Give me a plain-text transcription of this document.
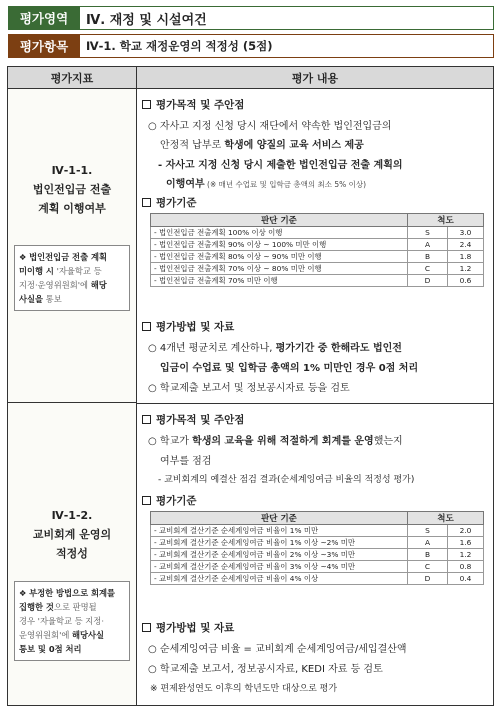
평가영역	Ⅳ. 재정 및 시설여건
평가항목	Ⅳ-1. 학교 재정운영의 적정성 (5점)
평가지표	평가 내용
Ⅳ-1-1.
법인전입금 전출
계획 이행여부
❖ 법인전입금 전출 계획
미이행 시 '자율학교 등
지정·운영위원회'에 해당
사실을 통보
평가목적 및 주안점
○ 자사고 지정 신청 당시 재단에서 약속한 법인전입금의
안정적 납부로 학생에 양질의 교육 서비스 제공
- 자사고 지정 신청 당시 제출한 법인전입금 전출 계획의
이행여부 (※ 매년 수업료 및 입학금 총액의 최소 5% 이상)
평가기준
판단 기준	척도	
- 법인전입금 전출계획 100% 이상 이행	S	3.0
- 법인전입금 전출계획 90% 이상 ~ 100% 미만 이행	A	2.4
- 법인전입금 전출계획 80% 이상 ~ 90% 미만 이행	B	1.8
- 법인전입금 전출계획 70% 이상 ~ 80% 미만 이행	C	1.2
- 법인전입금 전출계획 70% 미만 이행	D	0.6
평가방법 및 자료
○ 4개년 평균치로 계산하나, 평가기간 중 한해라도 법인전
입금이 수업료 및 입학금 총액의 1% 미만인 경우 0점 처리
○ 학교제출 보고서 및 정보공시자료 등을 검토
Ⅳ-1-2.
교비회계 운영의
적정성
❖ 부정한 방법으로 회계를
집행한 것으로 판명될
경우 '자율학교 등 지정·
운영위원회'에 해당사실
통보 및 0점 처리
평가목적 및 주안점
○ 학교가 학생의 교육을 위해 적절하게 회계를 운영했는지
여부를 점검
- 교비회계의 예결산 점검 결과(순세계잉여금 비율의 적정성 평가)
평가기준
판단 기준	척도	
- 교비회계 결산기준 순세계잉여금 비율이 1% 미만	S	2.0
- 교비회계 결산기준 순세계잉여금 비율이 1% 이상 ~2% 미만	A	1.6
- 교비회계 결산기준 순세계잉여금 비율이 2% 이상 ~3% 미만	B	1.2
- 교비회계 결산기준 순세계잉여금 비율이 3% 이상 ~4% 미만	C	0.8
- 교비회계 결산기준 순세계잉여금 비율이 4% 이상	D	0.4
평가방법 및 자료
○ 순세계잉여금 비율 = 교비회계 순세계잉여금/세입결산액
○ 학교제출 보고서, 정보공시자료, KEDI 자료 등 검토
※ 편제완성연도 이후의 학년도만 대상으로 평가
